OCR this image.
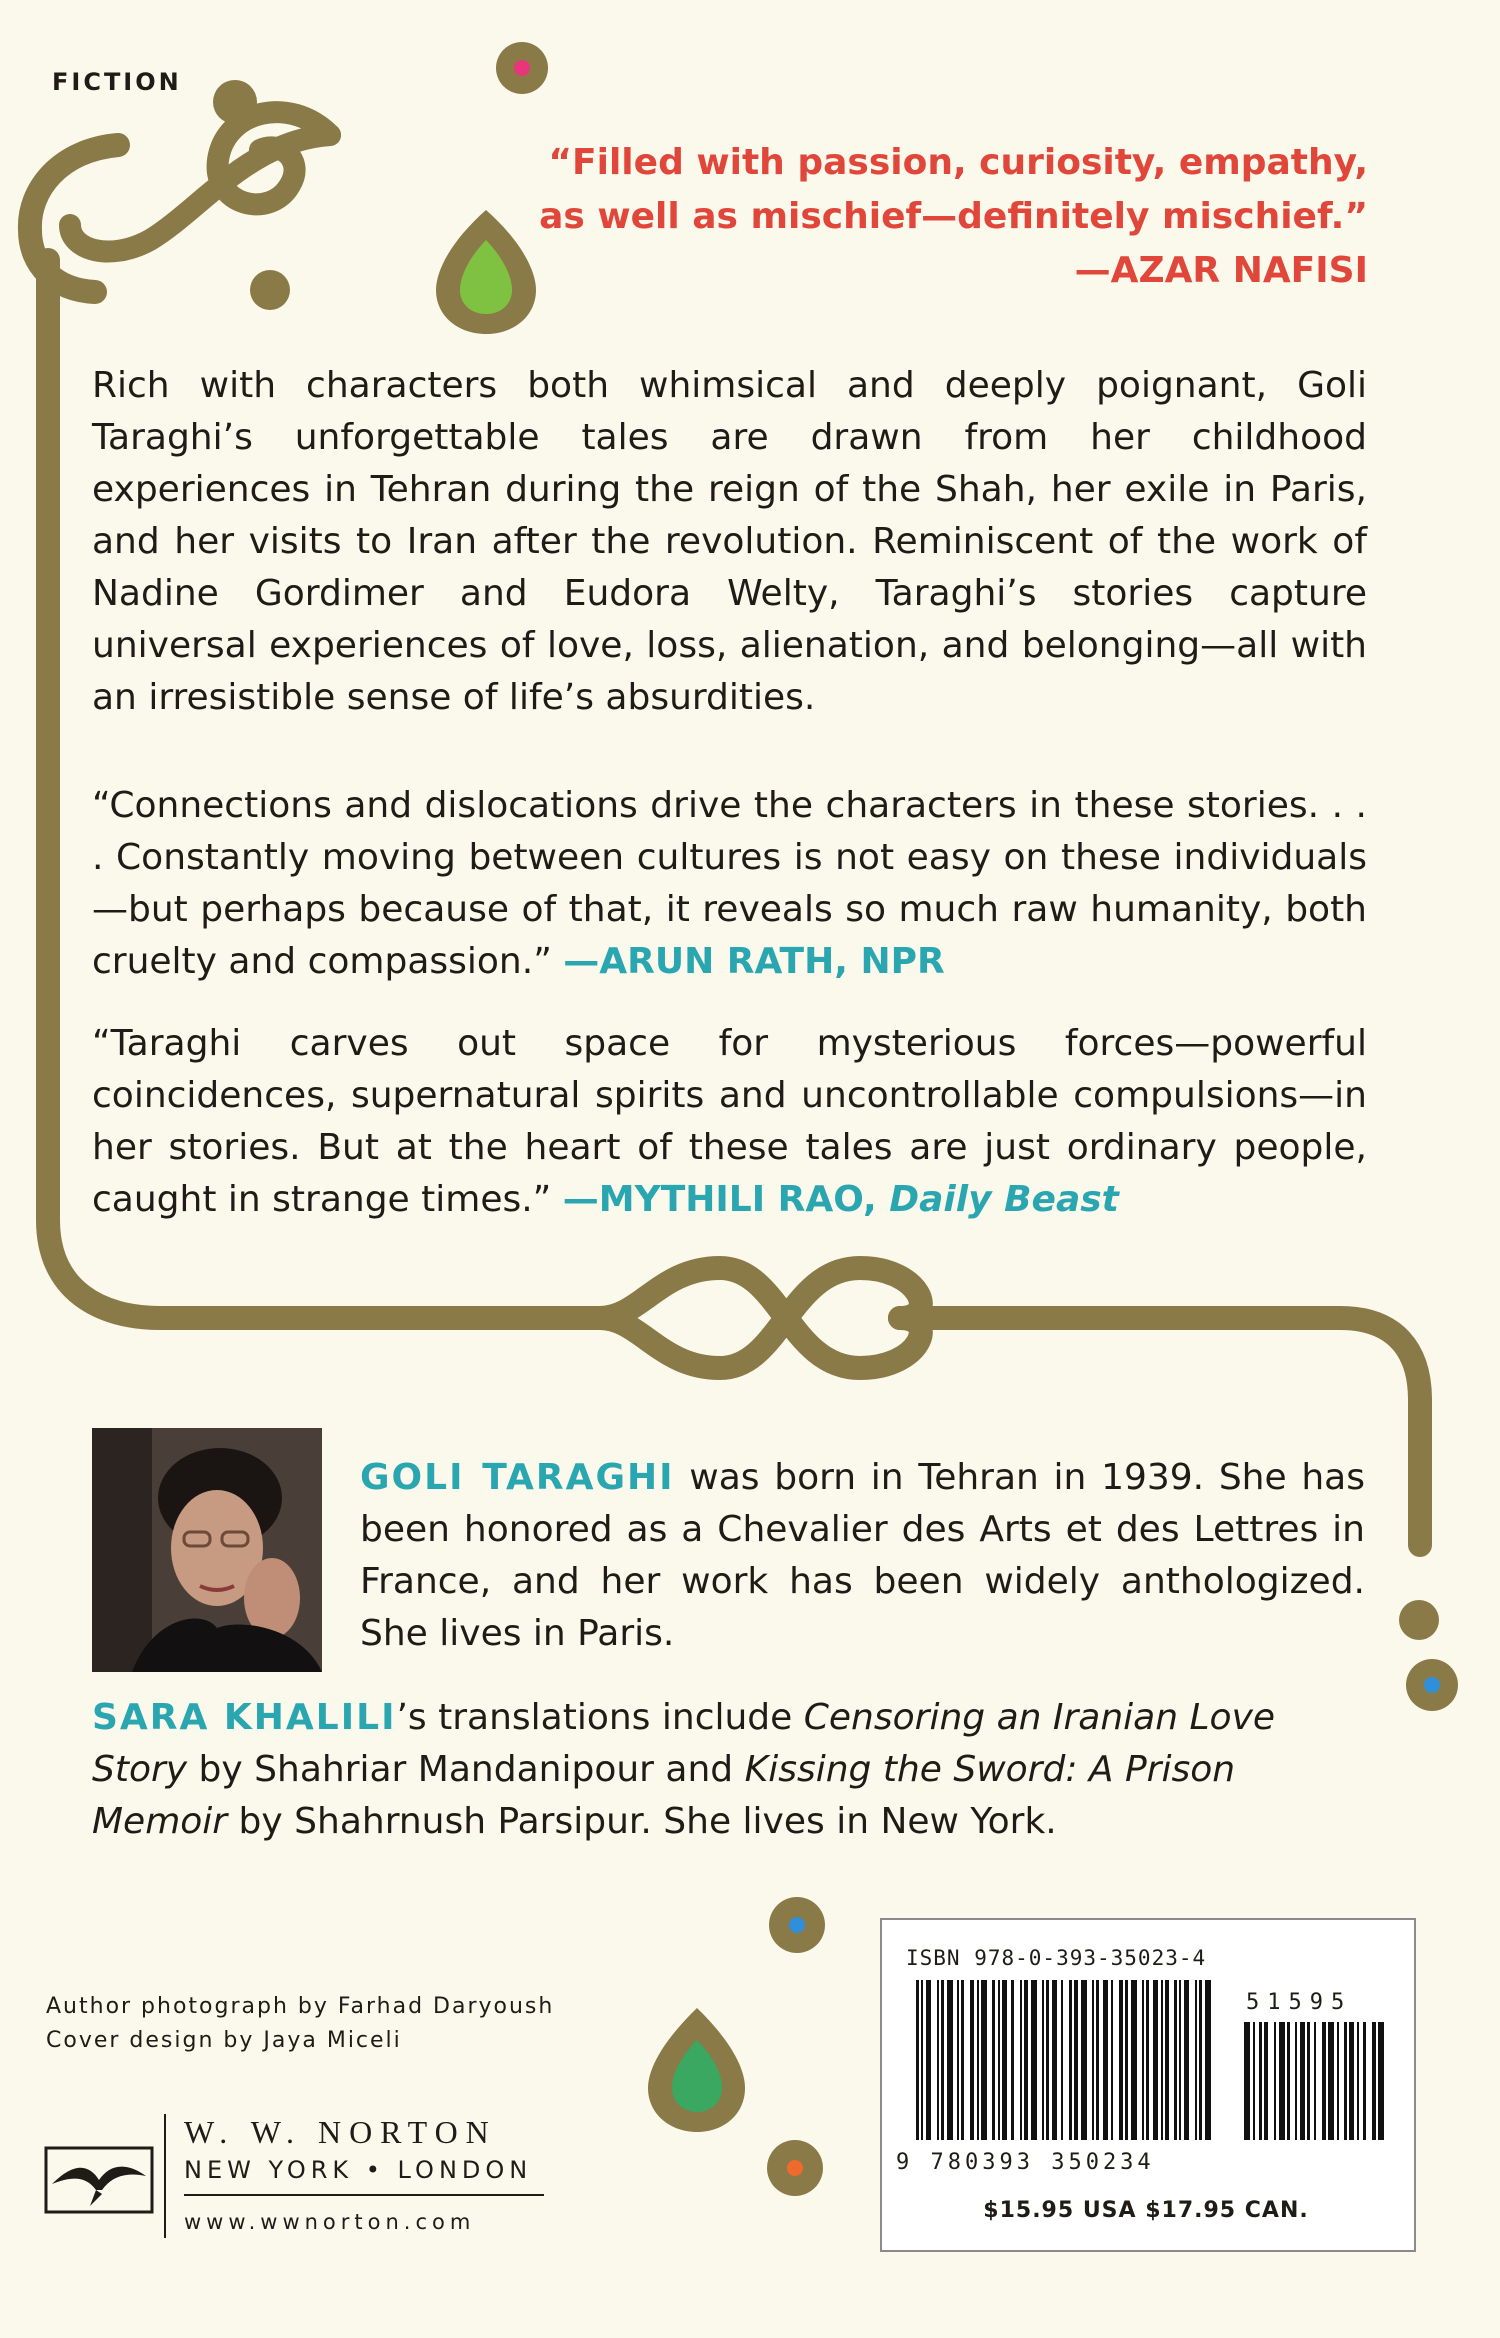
FICTION
“Filled with passion, curiosity, empathy,
as well as mischief—definitely mischief.”
—AZAR NAFISI
Rich with characters both whimsical and deeply poignant, Goli Taraghi’s unforgettable tales are drawn from her childhood experiences in Tehran during the reign of the Shah, her exile in Paris, and her visits to Iran after the revolution. Reminiscent of the work of Nadine Gordimer and Eudora Welty, Taraghi’s stories capture universal experiences of love, loss, alienation, and belonging—all with an irresistible sense of life’s absurdities.
“Connections and dislocations drive the characters in these stories. . . . Constantly moving between cultures is not easy on these individuals—but perhaps because of that, it reveals so much raw humanity, both cruelty and compassion.” —ARUN RATH, NPR
“Taraghi carves out space for mysterious forces—powerful coincidences, supernatural spirits and uncontrollable compulsions—in her stories. But at the heart of these tales are just ordinary people, caught in strange times.” —MYTHILI RAO, Daily Beast
GOLI TARAGHI was born in Tehran in 1939. She has been honored as a Chevalier des Arts et des Lettres in France, and her work has been widely anthologized. She lives in Paris.
SARA KHALILI’s translations include Censoring an Iranian Love Story by Shahriar Mandanipour and Kissing the Sword: A Prison Memoir by Shahrnush Parsipur. She lives in New York.
Author photograph by Farhad Daryoush
Cover design by Jaya Miceli
W. W. NORTON
NEW YORK • LONDON
www.wwnorton.com
ISBN 978-0-393-35023-4
51595
9 780393 350234
$15.95 USA $17.95 CAN.
